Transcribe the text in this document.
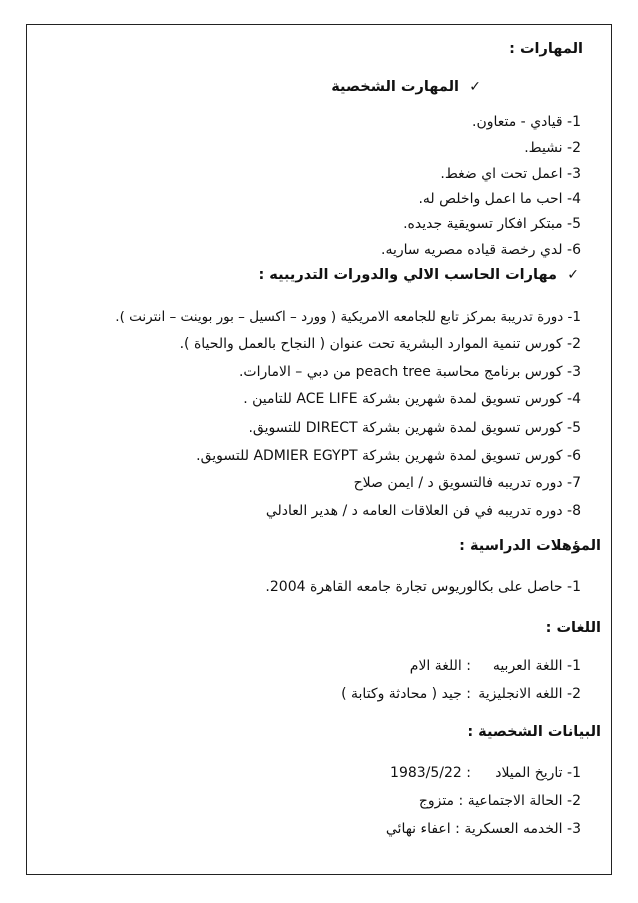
المهارات :
✓المهارت الشخصية
1- قيادي - متعاون.
2- نشيط.
3- اعمل تحت اي ضغط.
4- احب ما اعمل واخلص له.
5- مبتكر افكار تسويقية جديده.
6- لدي رخصة قياده مصريه ساريه.
✓مهارات الحاسب الالي والدورات التدريبيه :
1- دورة تدريبة بمركز تابع للجامعه الامريكية ( وورد – اكسيل – بور بوينت – انترنت ).
2- كورس تنمية الموارد البشرية تحت عنوان ( النجاح بالعمل والحياة ).
3- كورس برنامج محاسبة peach tree من دبي – الامارات.
4- كورس تسويق لمدة شهرين بشركة ACE LIFE للتامين .
5- كورس تسويق لمدة شهرين بشركة DIRECT للتسويق.
6- كورس تسويق لمدة شهرين بشركة ADMIER EGYPT للتسويق.
7- دوره تدريبه فالتسويق د / ايمن صلاح
8- دوره تدريبه في فن العلاقات العامه د / هدير العادلي
المؤهلات الدراسية :
1- حاصل على بكالوريوس تجارة جامعه القاهرة 2004.
اللغات :
1- اللغة العربيه: اللغة الام
2- اللغه الانجليزية: جيد ( محادثة وكتابة )
البيانات الشخصية :
1- تاريخ الميلاد: 1983/5/22
2- الحالة الاجتماعية : متزوج
3- الخدمه العسكرية : اعفاء نهائي
